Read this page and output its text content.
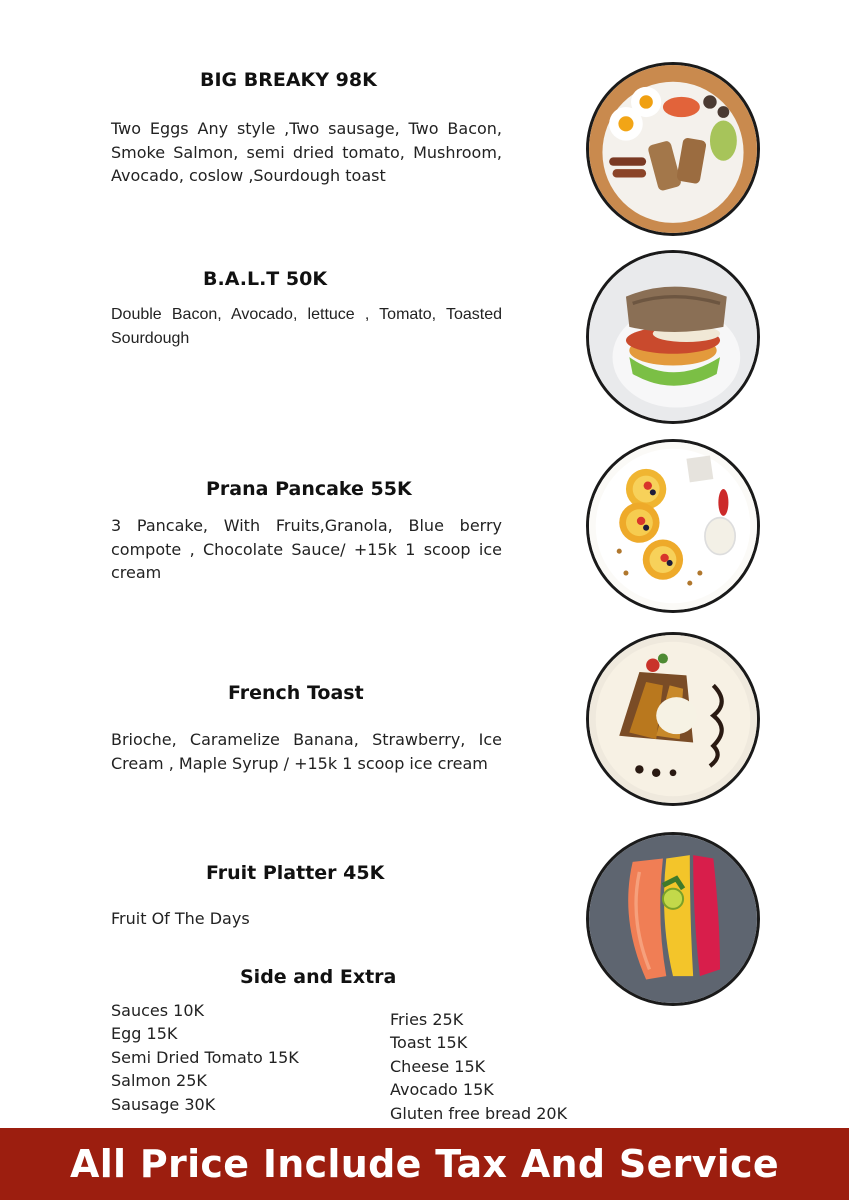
BIG BREAKY 98K
Two Eggs Any style ,Two sausage, Two Bacon, Smoke Salmon, semi dried tomato, Mushroom, Avocado, coslow ,Sourdough toast
B.A.L.T 50K
Double Bacon, Avocado, lettuce , Tomato, Toasted Sourdough
Prana Pancake 55K
3 Pancake, With Fruits,Granola, Blue berry compote , Chocolate Sauce/ +15k 1 scoop ice cream
French Toast
Brioche, Caramelize Banana, Strawberry, Ice Cream , Maple Syrup / +15k 1 scoop ice cream
Fruit Platter 45K
Fruit Of The Days
Side and Extra
Sauces 10K
Egg 15K
Semi Dried Tomato 15K
Salmon 25K
Sausage 30K
Fries 25K
Toast 15K
Cheese 15K
Avocado 15K
Gluten free bread 20K
All Price Include Tax And Service
